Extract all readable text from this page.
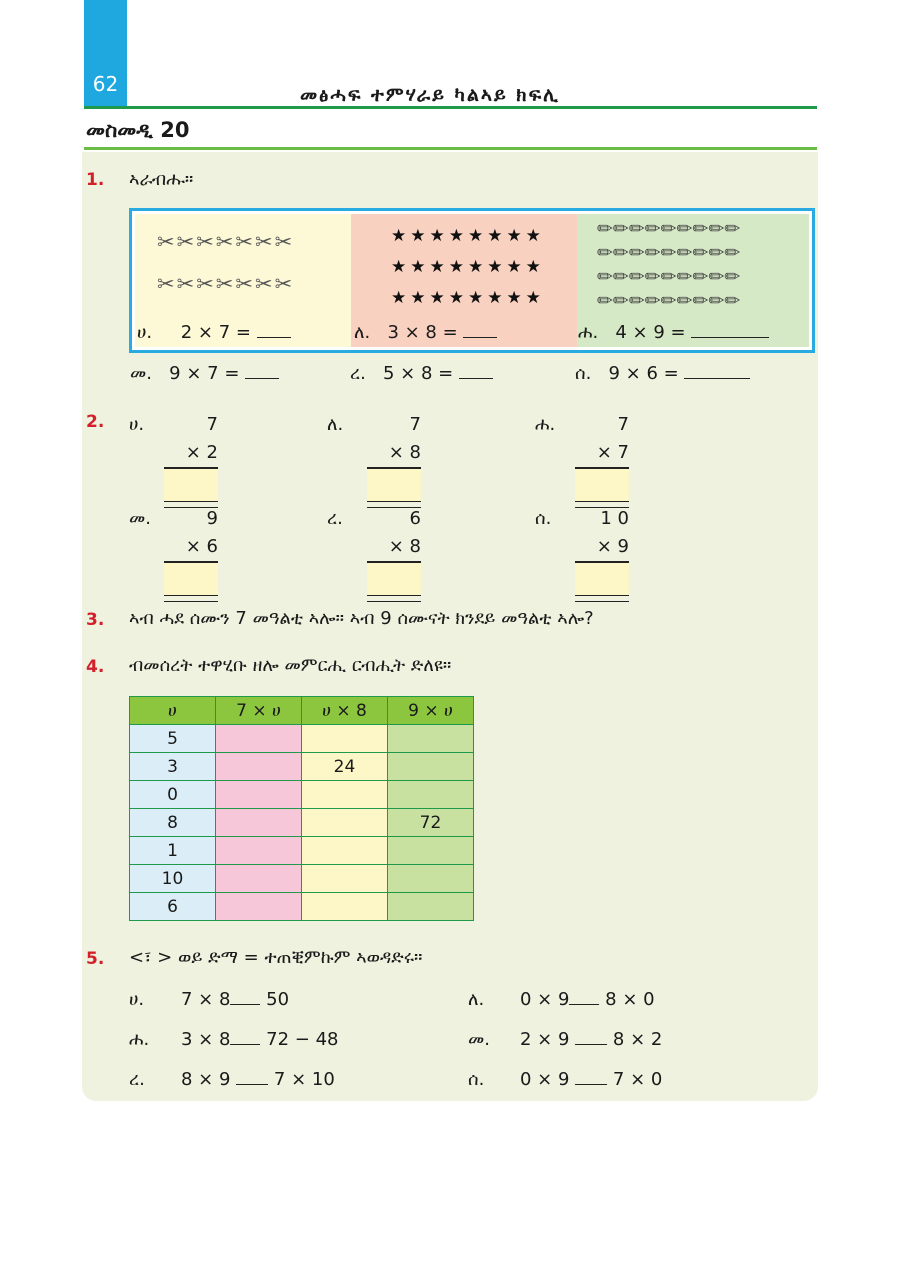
62	መፅሓፍ ተምሃራይ ካልኣይ ክፍሊ
መስመዲ 20
1. ኣራብሑ።
✂✂✂✂✂✂✂
✂✂✂✂✂✂✂
★★★★★★★★
★★★★★★★★
★★★★★★★★
✏✏✏✏✏✏✏✏✏
✏✏✏✏✏✏✏✏✏
✏✏✏✏✏✏✏✏✏
✏✏✏✏✏✏✏✏✏
ሀ. 2 × 7 =	ለ. 3 × 8 =	ሐ. 4 × 9 =
መ. 9 × 7 =	ረ. 5 × 8 =	ሰ. 9 × 6 =
2. ሀ.	7
× 2
ለ.	7
× 8
ሐ.	7
× 7
መ.	9
× 6
ረ.	6
× 8
ሰ.	1 0
× 9
3. ኣብ ሓደ ሰሙን 7 መዓልቲ ኣሎ። ኣብ 9 ሰሙናት ክንደይ መዓልቲ ኣሎ?
4. ብመሰረት ተዋሂቡ ዘሎ መምርሒ ርብሒት ድለዩ።
ሀ	7 × ሀ	ሀ × 8	9 × ሀ
5			
3		24	
0			
8			72
1			
10			
6			
5. <፣ > ወይ ድማ = ተጠቒምኩም ኣወዳድሩ።
ሀ. 7 × 8 50	ለ. 0 × 9 8 × 0
ሐ. 3 × 8 72 − 48	መ. 2 × 9 8 × 2
ረ. 8 × 9 7 × 10	ሰ. 0 × 9 7 × 0
